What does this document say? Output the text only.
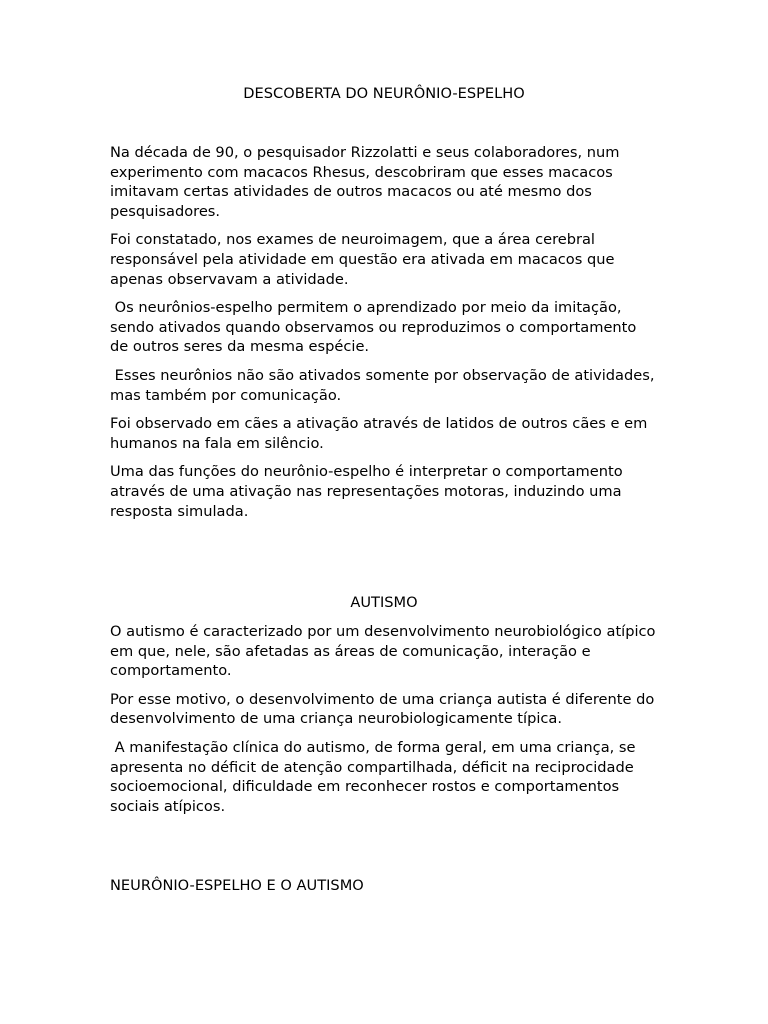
DESCOBERTA DO NEURÔNIO-ESPELHO

Na década de 90, o pesquisador Rizzolatti e seus colaboradores, num experimento com macacos Rhesus, descobriram que esses macacos imitavam certas atividades de outros macacos ou até mesmo dos pesquisadores.

Foi constatado, nos exames de neuroimagem, que a área cerebral responsável pela atividade em questão era ativada em macacos que apenas observavam a atividade.

Os neurônios-espelho permitem o aprendizado por meio da imitação, sendo ativados quando observamos ou reproduzimos o comportamento de outros seres da mesma espécie.

Esses neurônios não são ativados somente por observação de atividades, mas também por comunicação.

Foi observado em cães a ativação através de latidos de outros cães e em humanos na fala em silêncio.

Uma das funções do neurônio-espelho é interpretar o comportamento através de uma ativação nas representações motoras, induzindo uma resposta simulada.

AUTISMO

O autismo é caracterizado por um desenvolvimento neurobiológico atípico em que, nele, são afetadas as áreas de comunicação, interação e comportamento.

Por esse motivo, o desenvolvimento de uma criança autista é diferente do desenvolvimento de uma criança neurobiologicamente típica.

A manifestação clínica do autismo, de forma geral, em uma criança, se apresenta no déficit de atenção compartilhada, déficit na reciprocidade socioemocional, dificuldade em reconhecer rostos e comportamentos sociais atípicos.

NEURÔNIO-ESPELHO E O AUTISMO
